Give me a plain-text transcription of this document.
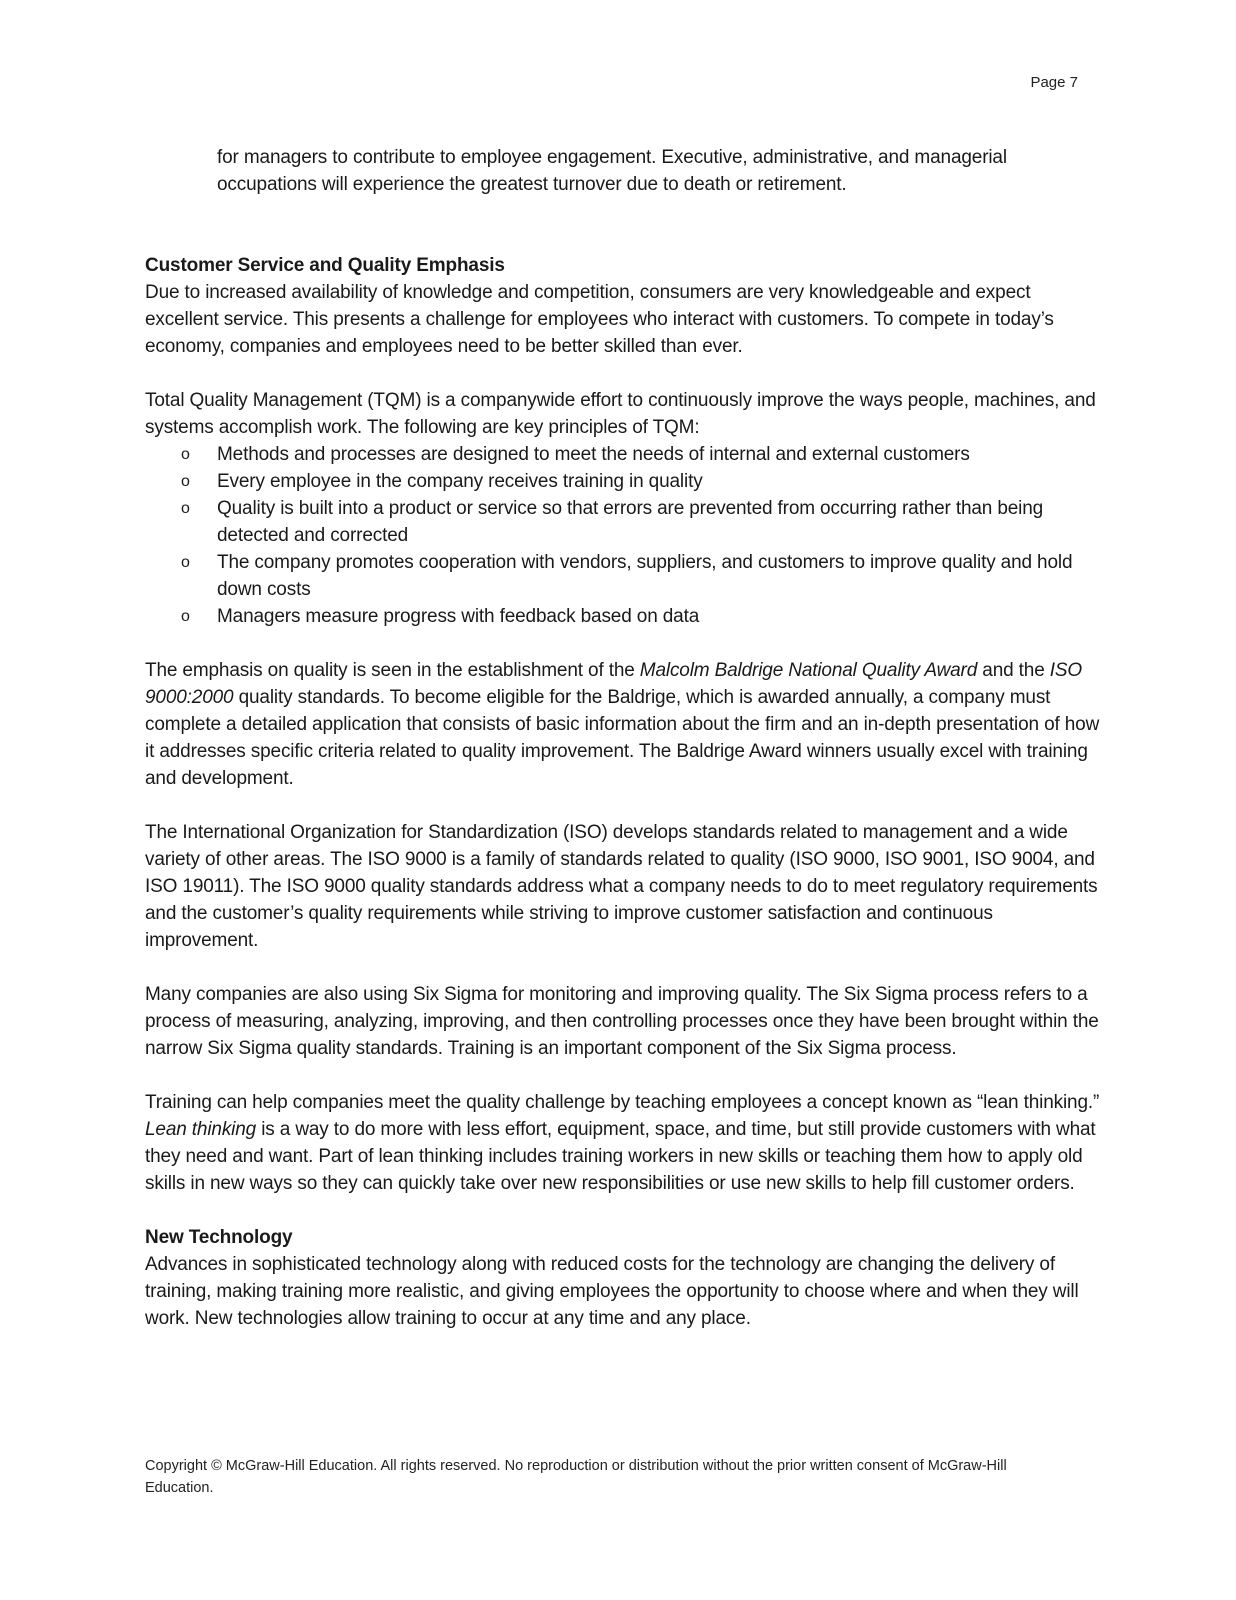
Page 7

for managers to contribute to employee engagement. Executive, administrative, and managerial occupations will experience the greatest turnover due to death or retirement.

Customer Service and Quality Emphasis

Due to increased availability of knowledge and competition, consumers are very knowledgeable and expect excellent service. This presents a challenge for employees who interact with customers. To compete in today’s economy, companies and employees need to be better skilled than ever.

Total Quality Management (TQM) is a companywide effort to continuously improve the ways people, machines, and systems accomplish work. The following are key principles of TQM:

o Methods and processes are designed to meet the needs of internal and external customers
o Every employee in the company receives training in quality
o Quality is built into a product or service so that errors are prevented from occurring rather than being detected and corrected
o The company promotes cooperation with vendors, suppliers, and customers to improve quality and hold down costs
o Managers measure progress with feedback based on data

The emphasis on quality is seen in the establishment of the Malcolm Baldrige National Quality Award and the ISO 9000:2000 quality standards. To become eligible for the Baldrige, which is awarded annually, a company must complete a detailed application that consists of basic information about the firm and an in-depth presentation of how it addresses specific criteria related to quality improvement. The Baldrige Award winners usually excel with training and development.

The International Organization for Standardization (ISO) develops standards related to management and a wide variety of other areas. The ISO 9000 is a family of standards related to quality (ISO 9000, ISO 9001, ISO 9004, and ISO 19011). The ISO 9000 quality standards address what a company needs to do to meet regulatory requirements and the customer’s quality requirements while striving to improve customer satisfaction and continuous improvement.

Many companies are also using Six Sigma for monitoring and improving quality. The Six Sigma process refers to a process of measuring, analyzing, improving, and then controlling processes once they have been brought within the narrow Six Sigma quality standards. Training is an important component of the Six Sigma process.

Training can help companies meet the quality challenge by teaching employees a concept known as “lean thinking.” Lean thinking is a way to do more with less effort, equipment, space, and time, but still provide customers with what they need and want. Part of lean thinking includes training workers in new skills or teaching them how to apply old skills in new ways so they can quickly take over new responsibilities or use new skills to help fill customer orders.

New Technology

Advances in sophisticated technology along with reduced costs for the technology are changing the delivery of training, making training more realistic, and giving employees the opportunity to choose where and when they will work. New technologies allow training to occur at any time and any place.

Copyright © McGraw-Hill Education. All rights reserved. No reproduction or distribution without the prior written consent of McGraw-Hill Education.
